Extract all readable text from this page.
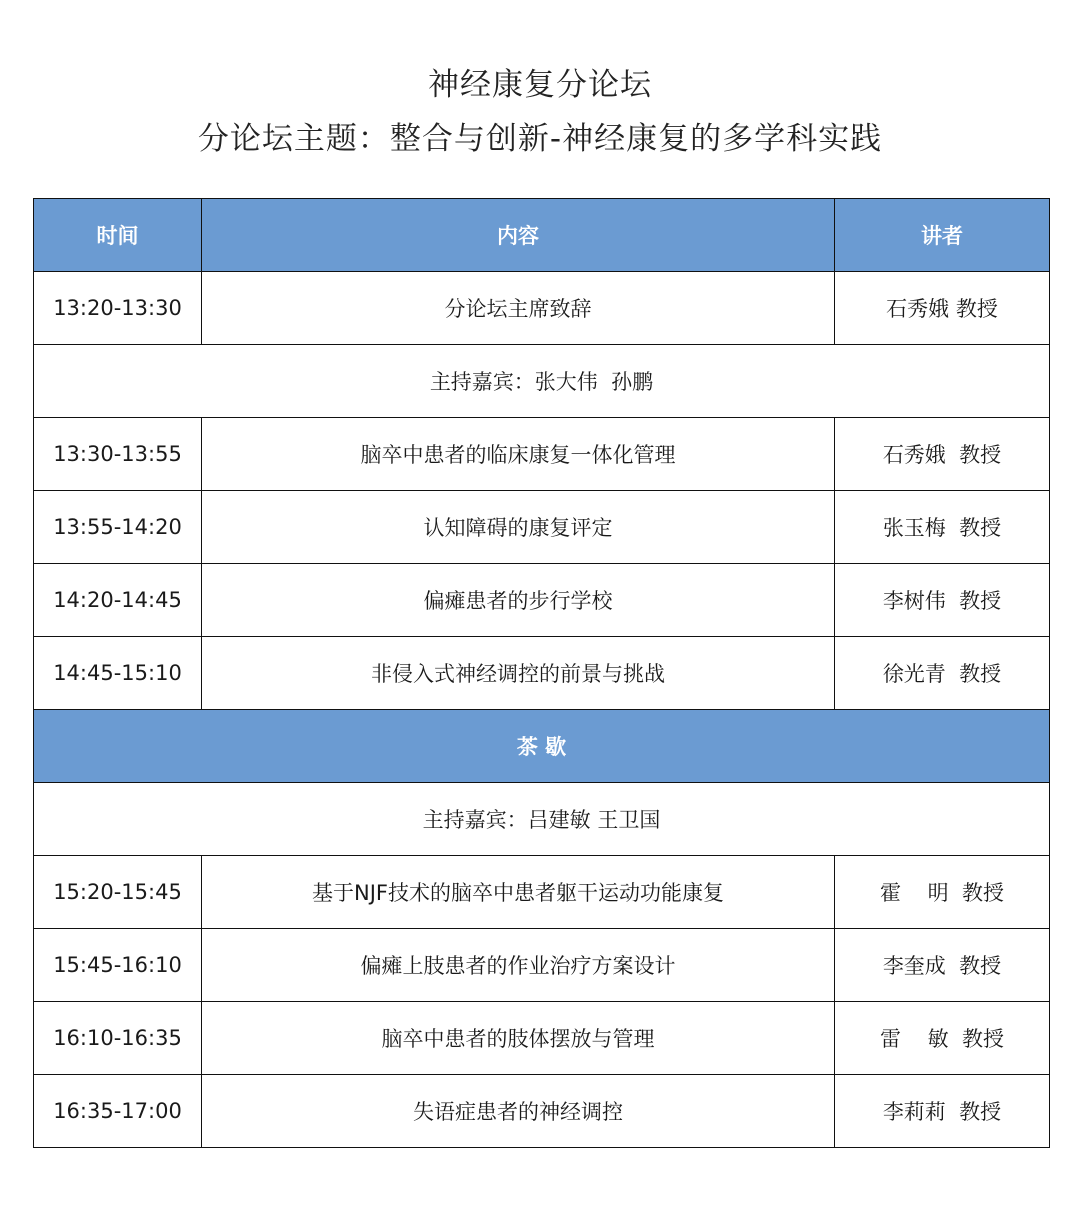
神经康复分论坛
分论坛主题：整合与创新-神经康复的多学科实践
时间	内容	讲者
13:20-13:30	分论坛主席致辞	石秀娥 教授
主持嘉宾：张大伟  孙鹏		
13:30-13:55	脑卒中患者的临床康复一体化管理	石秀娥  教授
13:55-14:20	认知障碍的康复评定	张玉梅  教授
14:20-14:45	偏瘫患者的步行学校	李树伟  教授
14:45-15:10	非侵入式神经调控的前景与挑战	徐光青  教授
茶 歇		
主持嘉宾：吕建敏 王卫国		
15:20-15:45	基于NJF技术的脑卒中患者躯干运动功能康复	霍    明  教授
15:45-16:10	偏瘫上肢患者的作业治疗方案设计	李奎成  教授
16:10-16:35	脑卒中患者的肢体摆放与管理	雷    敏  教授
16:35-17:00	失语症患者的神经调控	李莉莉  教授
